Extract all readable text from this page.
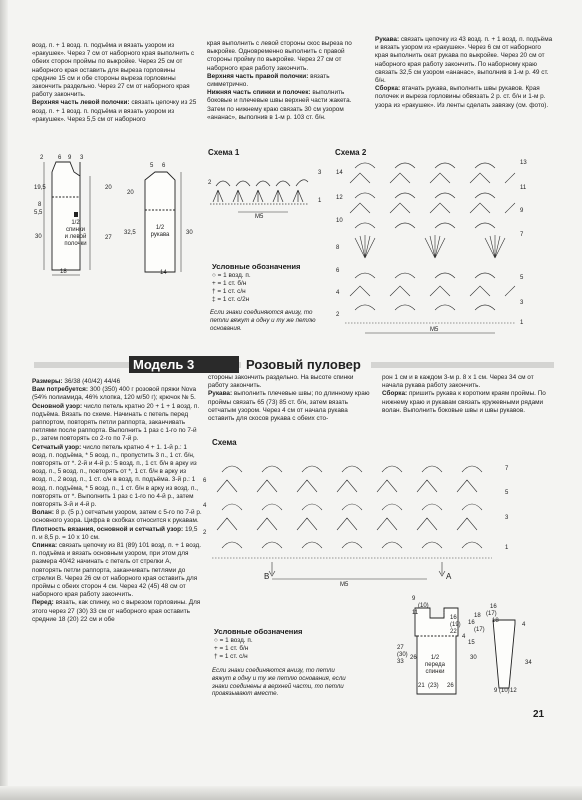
возд. п. + 1 возд. п. подъёма и вязать узором из «ракушек». Через 7 см от наборного края выполнить с обеих сторон проймы по выкройке. Через 25 см от наборного края оставить для выреза горловины средние 15 см и обе стороны выреза горловины закончить раздельно. Через 27 см от наборного края работу закончить.

Верхняя часть левой полочки: связать цепочку из 25 возд. п. + 1 возд. п. подъёма и вязать узором из «ракушек». Через 5,5 см от наборного

края выполнить с левой стороны скос выреза по выкройке. Одновременно выполнить с правой стороны пройму по выкройке. Через 27 см от наборного края работу закончить.

Верхняя часть правой полочки: вязать симметрично.

Нижняя часть спинки и полочек: выполнить боковые и плечевые швы верхней части жакета. Затем по нижнему краю связать 30 см узором «ананас», выполнив в 1-м р. 103 ст. б/н.

Рукава: связать цепочку из 43 возд. п. + 1 возд. п. подъёма и вязать узором из «ракушек». Через 6 см от наборного края выполнить окат рукава по выкройке. Через 20 см от наборного края работу закончить. По наборному краю связать 32,5 см узором «ананас», выполнив в 1-м р. 49 ст. б/н.

Сборка: втачать рукава, выполнить швы рукавов. Края полочек и выреза горловины обвязать 2 р. ст. б/н и 1-м р. узора из «ракушек». Из ленты сделать завязку (см. фото).

2 6 9 3
19,5
8
5,5
30
18
20
27
1/2
спинки
и левой
полочки
5 6
20
32,5
14
30
1/2
рукава
Схема 1
3
2
1
M5
Схема 2
13
11
9
7
5
3
1
14
12
10
8
6
4
2
M5
Условные обозначения
○ = 1 возд. п.
+ = 1 ст. б/н
† = 1 ст. с/н
‡ = 1 ст. с/2н
Если знаки соединяются внизу, то петли вяжут в одну и ту же петлю основания.
Модель 3	Розовый пуловер

Размеры: 36/38 (40/42) 44/46

Вам потребуется: 300 (350) 400 г розовой пряжи Nova (54% полиамида, 46% хлопка, 120 м/50 г); крючок № 5.

Основной узор: число петель кратно 20 + 1 + 1 возд. п. подъёма. Вязать по схеме. Начинать с петель перед раппортом, повторять петли раппорта, заканчивать петлями после раппорта. Выполнить 1 раз с 1-го по 7-й р., затем повторять со 2-го по 7-й р.

Сетчатый узор: число петель кратно 4 + 1. 1-й р.: 1 возд. п. подъёма, * 5 возд. п., пропустить 3 п., 1 ст. б/н, повторять от *. 2-й и 4-й р.: 5 возд. п., 1 ст. б/н в арку из возд. п., 5 возд. п., повторять от *, 1 ст. б/н в арку из возд. п., 2 возд. п., 1 ст. с/н в возд. п. подъёма. 3-й р.: 1 возд. п. подъёма, * 5 возд. п., 1 ст. б/н в арку из возд. п., повторять от *. Выполнить 1 раз с 1-го по 4-й р., затем повторять 3-й и 4-й р.

Волан: 8 р. (5 р.) сетчатым узором, затем с 5-го по 7-й р. основного узора. Цифра в скобках относится к рукавам.

Плотность вязания, основной и сетчатый узор: 19,5 п. и 8,5 р. = 10 х 10 см.

Спинка: связать цепочку из 81 (89) 101 возд. п. + 1 возд. п. подъёма и вязать основным узором, при этом для размера 40/42 начинать с петель от стрелки А, повторять петли раппорта, заканчивать петлями до стрелки В. Через 26 см от наборного края оставить для проймы с обеих сторон 4 см. Через 42 (45) 48 см от наборного края работу закончить.

Перед: вязать, как спинку, но с вырезом горловины. Для этого через 27 (30) 33 см от наборного края оставить средние 18 (20) 22 см и обе

стороны закончить раздельно. На высоте спинки работу закончить.

Рукава: выполнить плечевые швы; по длинному краю проймы связать 65 (73) 85 ст. б/н, затем вязать сетчатым узором. Через 4 см от начала рукава оставить для скосов рукава с обеих сто-

рон 1 см и в каждом 3-м р. 8 х 1 см. Через 34 см от начала рукава работу закончить.

Сборка: пришить рукава к коротким краям проймы. По нижнему краю и рукавам связать кружевными рядами волан. Выполнить боковые швы и швы рукавов.

Схема
7
5
3
1
6
4
2
B	A
M5
Условные обозначения
○ = 1 возд. п.
+ = 1 ст. б/н
† = 1 ст. с/н
Если знаки соединяются внизу, то петли вяжут в одну и ту же петлю основания, если знаки соединены в верхней части, то петли провязывают вместе.
9
(10)
11
16
(19)
22
27
(30)
33
26	30
21 (23) 26
4
15
16
(17)
18
1/2
переда
спинки
16
(17)
18
4
34
9 (10) 12
21
